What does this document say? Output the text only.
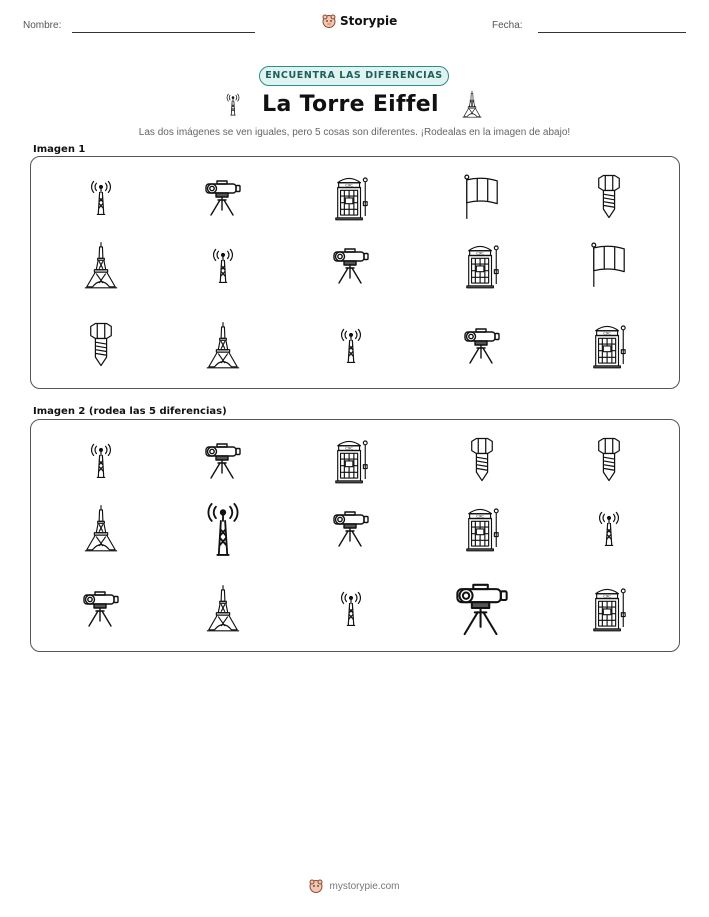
Nombre:	Storypie	Fecha:
ENCUENTRA LAS DIFERENCIAS
La Torre Eiffel
Las dos imágenes se ven iguales, pero 5 cosas son diferentes. ¡Rodealas en la imagen de abajo!
Imagen 1
Imagen 2 (rodea las 5 diferencias)
mystorypie.com
